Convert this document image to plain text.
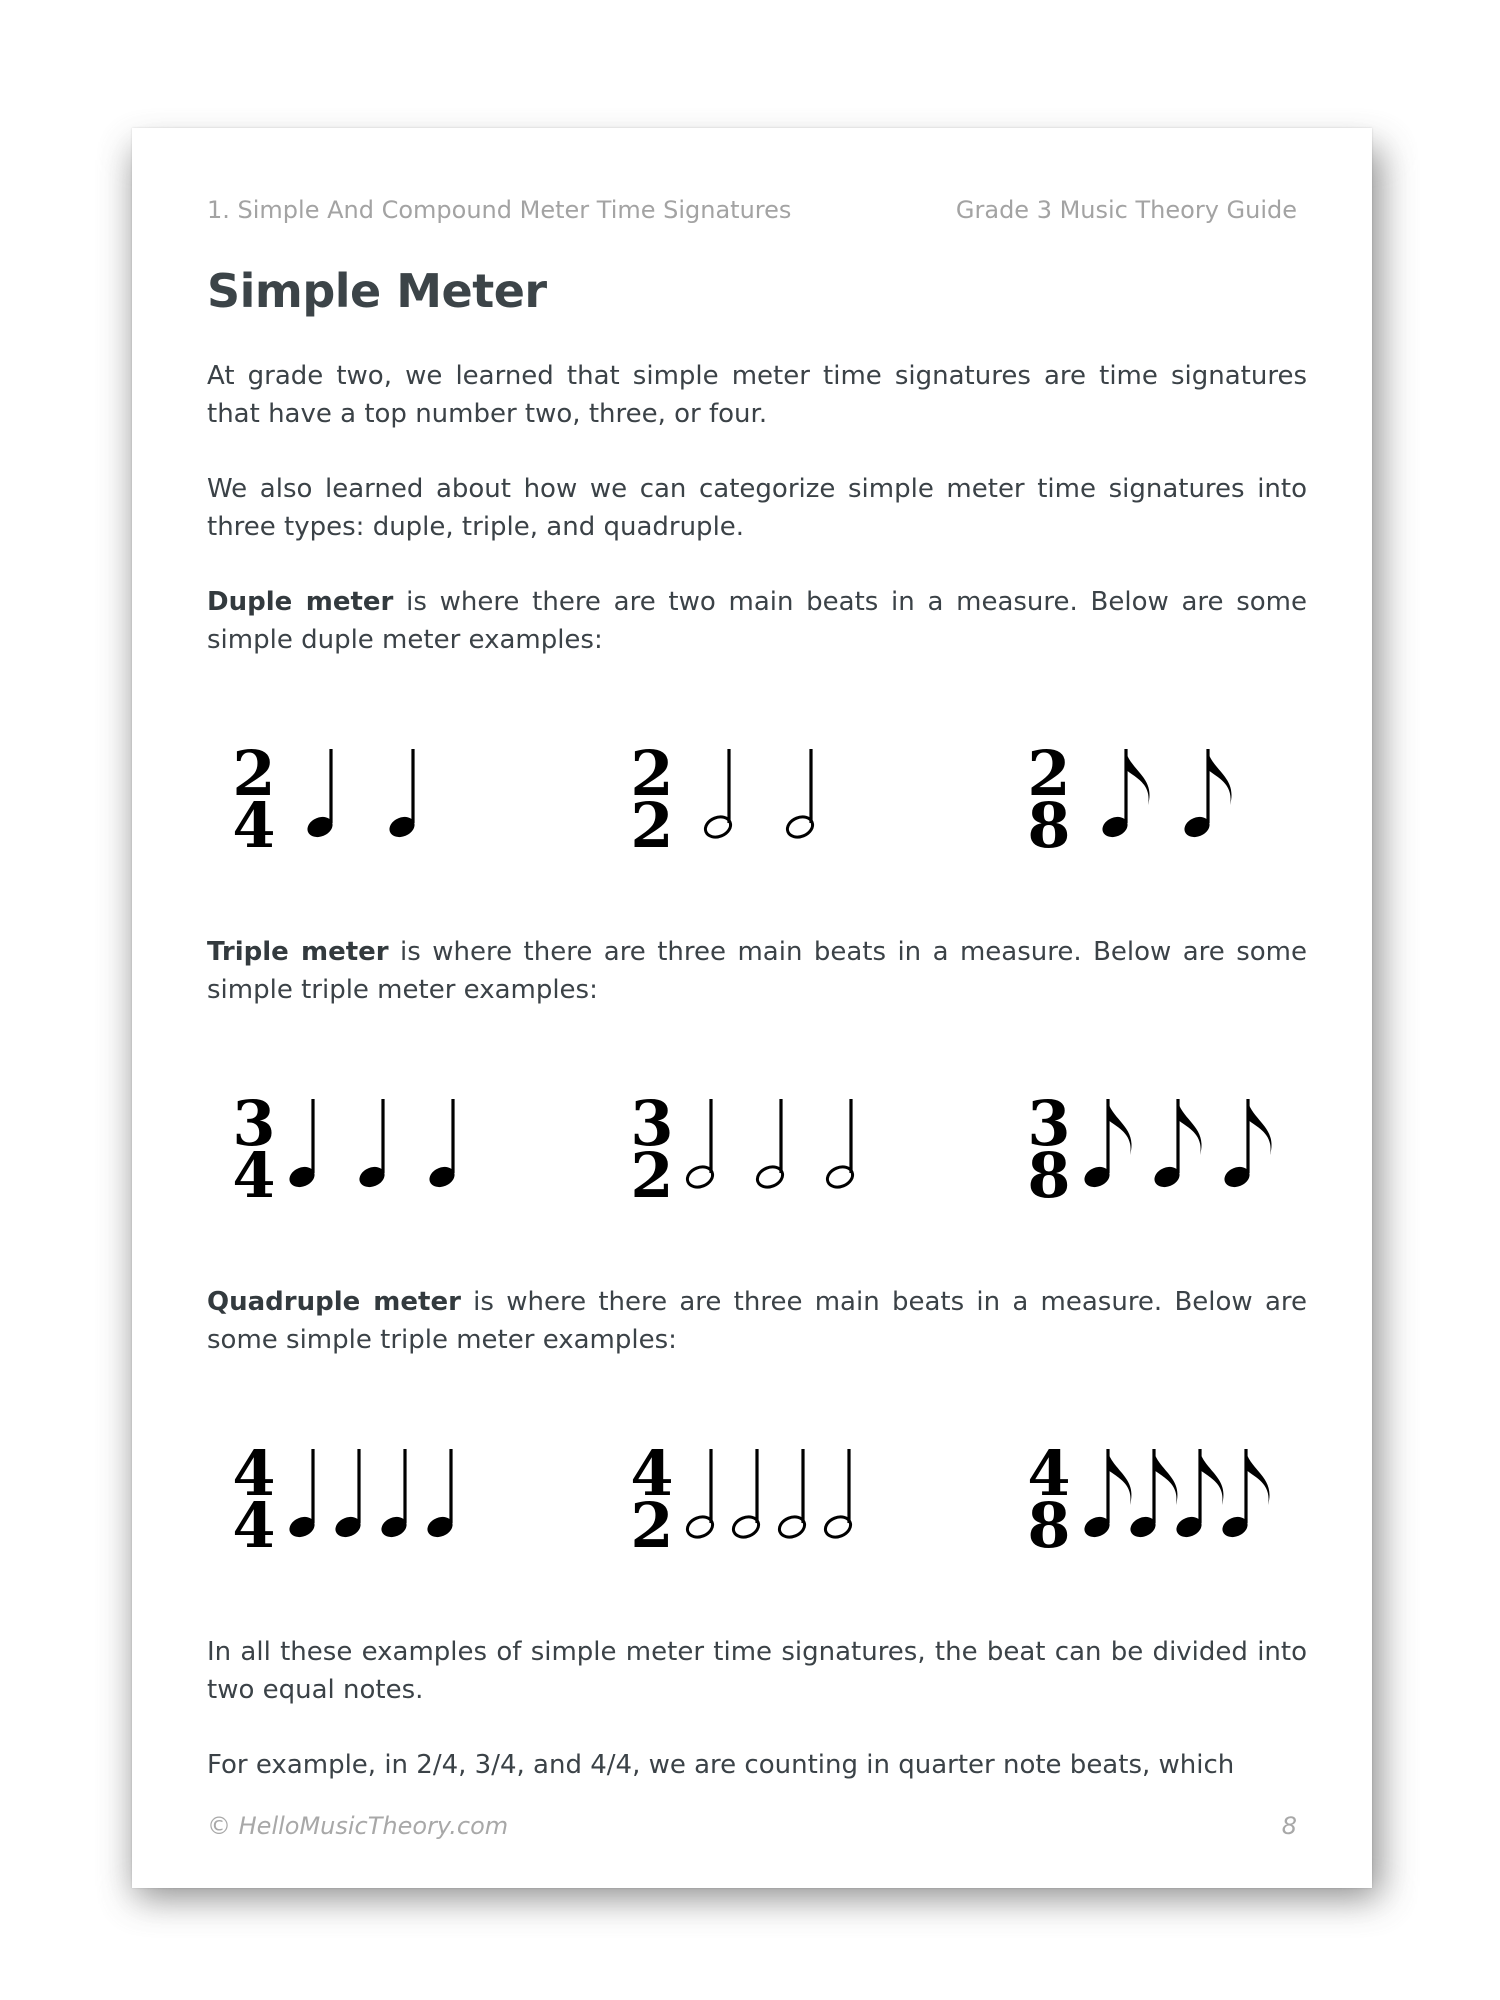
1. Simple And Compound Meter Time Signatures	Grade 3 Music Theory Guide
Simple Meter

At grade two, we learned that simple meter time signatures are time signatures that have a top number two, three, or four.

We also learned about how we can categorize simple meter time signatures into three types: duple, triple, and quadruple.

Duple meter is where there are two main beats in a measure. Below are some simple duple meter examples:

2
4
2
2
2
8

Triple meter is where there are three main beats in a measure. Below are some simple triple meter examples:

3
4
3
2
3
8

Quadruple meter is where there are three main beats in a measure. Below are some simple triple meter examples:

4
4
4
2
4
8

In all these examples of simple meter time signatures, the beat can be divided into two equal notes.

For example, in 2/4, 3/4, and 4/4, we are counting in quarter note beats, which

© HelloMusicTheory.com	8
